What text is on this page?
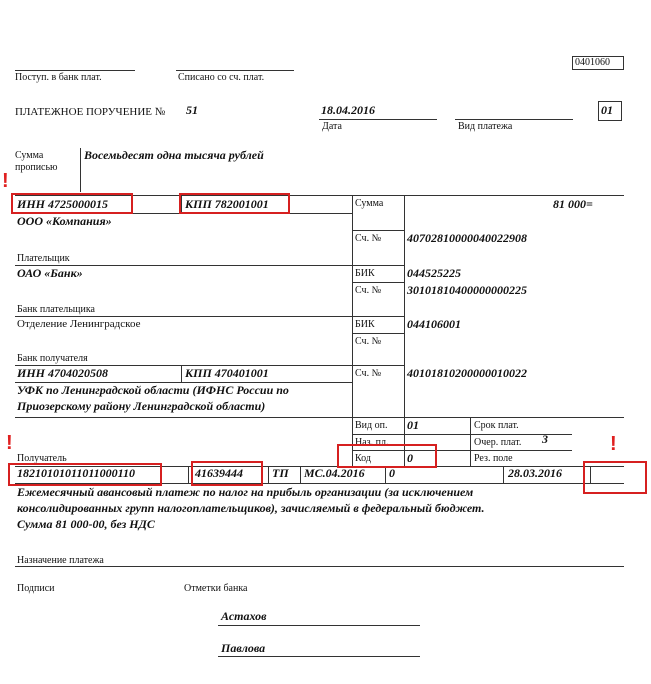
0401060
Поступ. в банк плат.	Списано со сч. плат.
ПЛАТЕЖНОЕ ПОРУЧЕНИЕ № 51	18.04.2016
Дата	Вид платежа
01
Сумма
прописью
Восемьдесят одна тысяча рублей
!
ИНН 4725000015	КПП 782001001	Сумма	81 000=
ООО «Компания»
Сч. № 40702810000040022908
Плательщик
ОАО «Банк»	БИК	044525225
Сч. № 30101810400000000225
Банк плательщика
Отделение Ленинградское	БИК	044106001
Сч. №
Банк получателя
ИНН 4704020508	КПП 470401001	Сч. № 40101810200000010022
УФК по Ленинградской области (ИФНС России по
Приозерскому району Ленинградской области)
Вид оп. 01	Срок плат.
Наз. пл.	Очер. плат. 3
Код	0	Рез. поле
Получатель
!	!
18210101011011000110	41639444 ТП МС.04.2016 0	28.03.2016
Ежемесячный авансовый платеж по налог на прибыль организации (за исключением
консолидированных групп налогоплательщиков), зачисляемый в федеральный бюджет.
Сумма 81 000-00, без НДС
Назначение платежа
Подписи	Отметки банка
Астахов
Павлова
